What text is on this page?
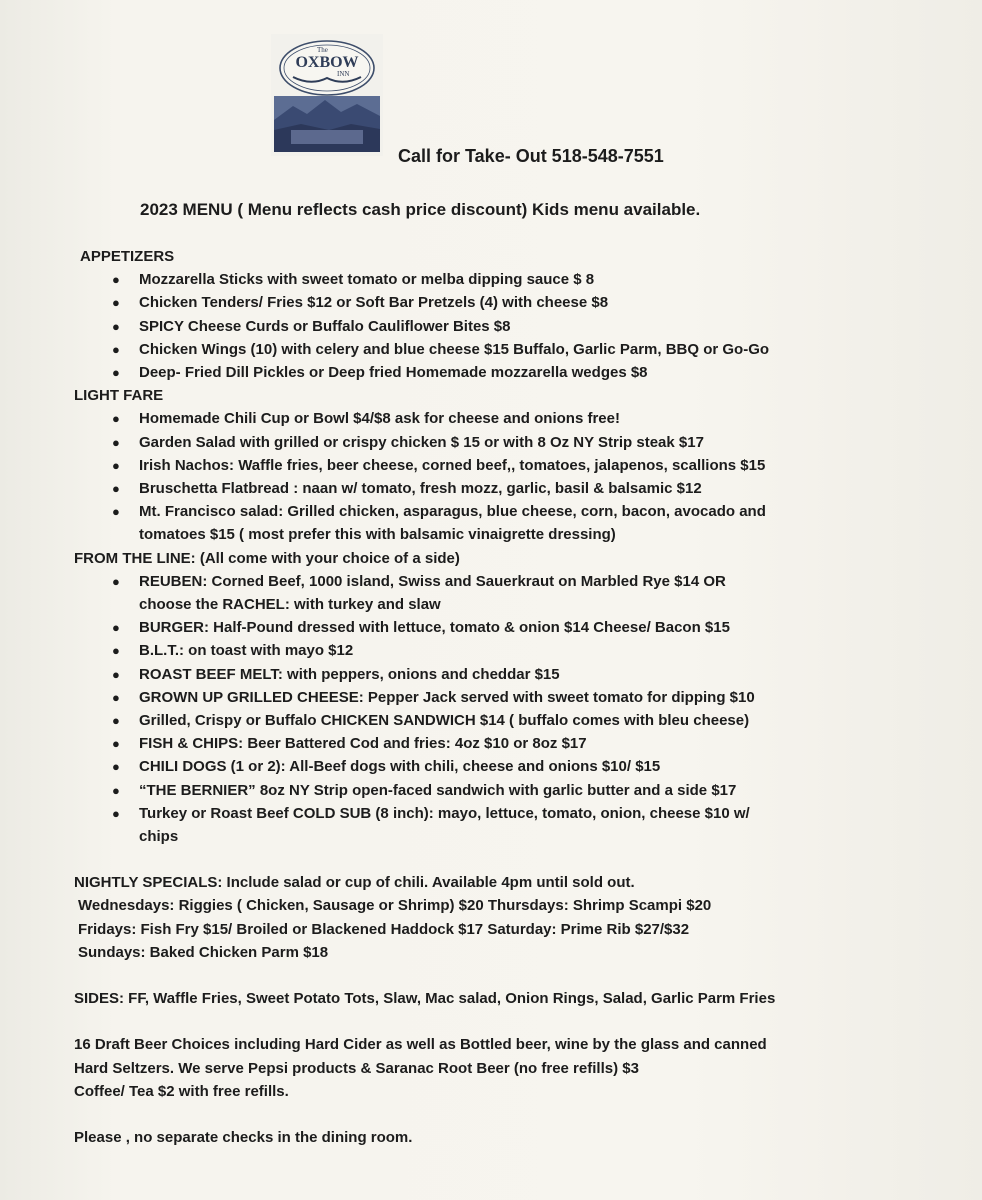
The
OXBOW
INN
Call for Take- Out 518-548-7551
2023 MENU ( Menu reflects cash price discount) Kids menu available.
APPETIZERS
● Mozzarella Sticks with sweet tomato or melba dipping sauce $ 8
● Chicken Tenders/ Fries $12 or Soft Bar Pretzels (4) with cheese $8
● SPICY Cheese Curds or Buffalo Cauliflower Bites $8
● Chicken Wings (10) with celery and blue cheese $15 Buffalo, Garlic Parm, BBQ or Go-Go
● Deep- Fried Dill Pickles or Deep fried Homemade mozzarella wedges $8
LIGHT FARE
● Homemade Chili Cup or Bowl $4/$8 ask for cheese and onions free!
● Garden Salad with grilled or crispy chicken $ 15 or with 8 Oz NY Strip steak $17
● Irish Nachos: Waffle fries, beer cheese, corned beef,, tomatoes, jalapenos, scallions $15
● Bruschetta Flatbread : naan w/ tomato, fresh mozz, garlic, basil & balsamic $12
● Mt. Francisco salad: Grilled chicken, asparagus, blue cheese, corn, bacon, avocado and
tomatoes $15 ( most prefer this with balsamic vinaigrette dressing)
FROM THE LINE: (All come with your choice of a side)
● REUBEN: Corned Beef, 1000 island, Swiss and Sauerkraut on Marbled Rye $14 OR
choose the RACHEL: with turkey and slaw
● BURGER: Half-Pound dressed with lettuce, tomato & onion $14 Cheese/ Bacon $15
● B.L.T.: on toast with mayo $12
● ROAST BEEF MELT: with peppers, onions and cheddar $15
● GROWN UP GRILLED CHEESE: Pepper Jack served with sweet tomato for dipping $10
● Grilled, Crispy or Buffalo CHICKEN SANDWICH $14 ( buffalo comes with bleu cheese)
● FISH & CHIPS: Beer Battered Cod and fries: 4oz $10 or 8oz $17
● CHILI DOGS (1 or 2): All-Beef dogs with chili, cheese and onions $10/ $15
● “THE BERNIER” 8oz NY Strip open-faced sandwich with garlic butter and a side $17
● Turkey or Roast Beef COLD SUB (8 inch): mayo, lettuce, tomato, onion, cheese $10 w/
chips
NIGHTLY SPECIALS: Include salad or cup of chili. Available 4pm until sold out.
Wednesdays: Riggies ( Chicken, Sausage or Shrimp) $20 Thursdays: Shrimp Scampi $20
Fridays: Fish Fry $15/ Broiled or Blackened Haddock $17 Saturday: Prime Rib $27/$32
Sundays: Baked Chicken Parm $18
SIDES: FF, Waffle Fries, Sweet Potato Tots, Slaw, Mac salad, Onion Rings, Salad, Garlic Parm Fries
16 Draft Beer Choices including Hard Cider as well as Bottled beer, wine by the glass and canned
Hard Seltzers. We serve Pepsi products & Saranac Root Beer (no free refills) $3
Coffee/ Tea $2 with free refills.
Please , no separate checks in the dining room.
